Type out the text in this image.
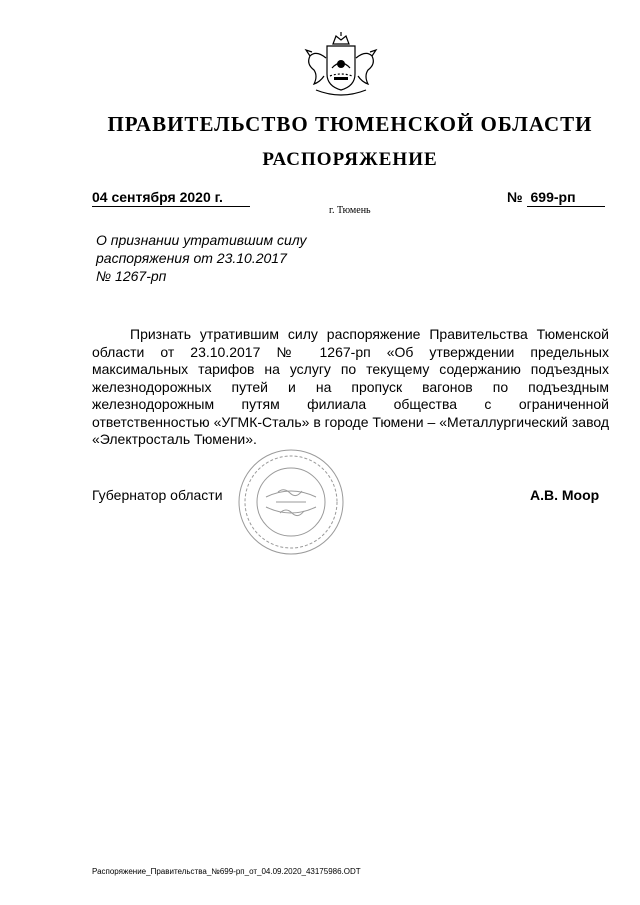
ПРАВИТЕЛЬСТВО ТЮМЕНСКОЙ ОБЛАСТИ
РАСПОРЯЖЕНИЕ
04 сентября 2020 г.	№ 699-рп
г. Тюмень
О признании утратившим силу
распоряжения от 23.10.2017
№ 1267-рп
Признать утратившим силу распоряжение Правительства Тюменской области от 23.10.2017 № 1267-рп «Об утверждении предельных максимальных тарифов на услугу по текущему содержанию подъездных железнодорожных путей и на пропуск вагонов по подъездным железнодорожным путям филиала общества с ограниченной ответственностью «УГМК-Сталь» в городе Тюмени – «Металлургический завод «Электросталь Тюмени».
Губернатор области	А.В. Моор
Распоряжение_Правительства_№699-рп_от_04.09.2020_43175986.ODT
